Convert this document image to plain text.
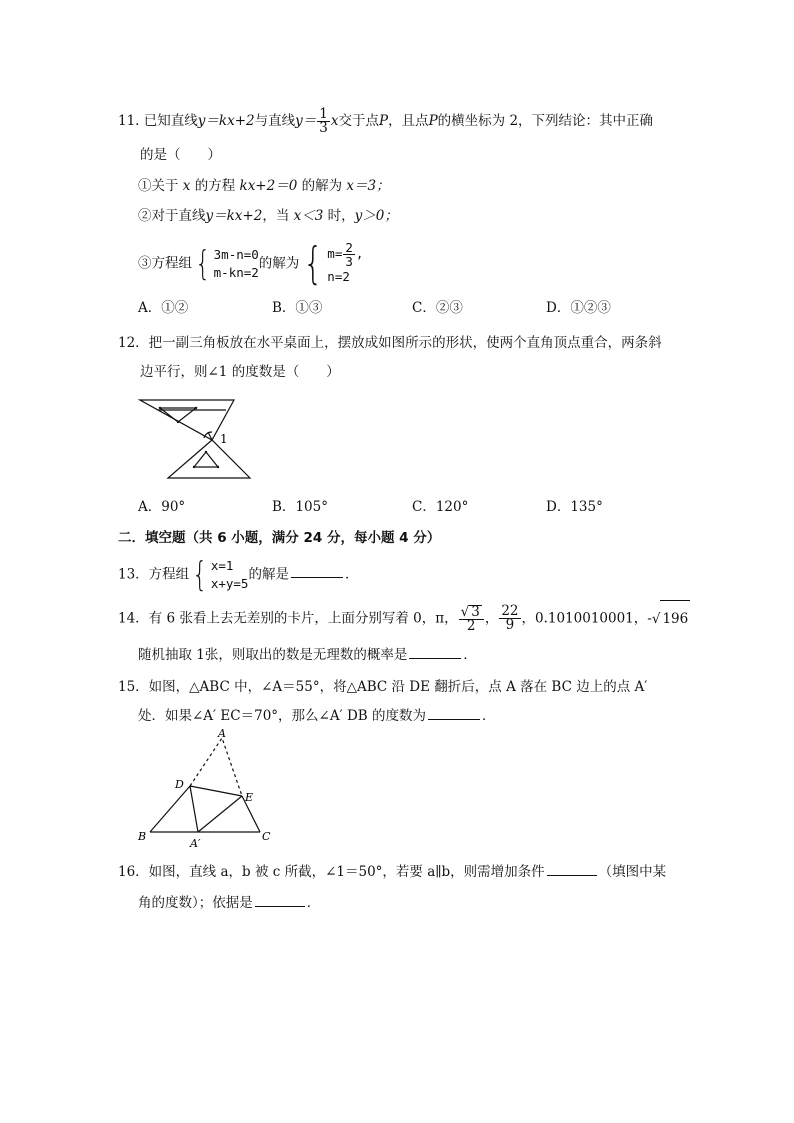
11. 已知直线y＝kx+2与直线$y= \frac{1}{3}$ x交于点P，且点P的横坐标为 2，下列结论：其中正确
的是（　　）
①关于 x 的方程 kx+2＝0 的解为 x＝3；
②对于直线y＝kx+2，当 x＜3 时，y＞0；
③方程组 { 3m-n=0
m-kn=2
的解为 { $m= \frac{2}{3}$ ,
n=2
A．①②	B．①③	C．②③	D．①②③
12．把一副三角板放在水平桌面上，摆放成如图所示的形状，使两个直角顶点重合，两条斜
边平行，则∠1 的度数是（　　）
1
A．90°	B．105°	C．120°	D．135°
二．填空题（共 6 小题，满分 24 分，每小题 4 分）
13．方程组 { x=1
x+y=5
的解是	．
14．有 6 张看上去无差别的卡片，上面分别写着 0，π， $\frac{√ 3}{2}$ ， $\frac{22}{9}$ ，0.1010010001，-√ 196
随机抽取 1张，则取出的数是无理数的概率是	．
15．如图，△ABC 中，∠A＝55°，将△ABC 沿 DE 翻折后，点 A 落在 BC 边上的点 A′
处．如果∠A′ EC＝70°，那么∠A′ DB 的度数为	．
A
D
E
B	C
A′
16．如图，直线 a，b 被 c 所截，∠1＝50°，若要 a∥b，则需增加条件	（填图中某
角的度数）；依据是	．
